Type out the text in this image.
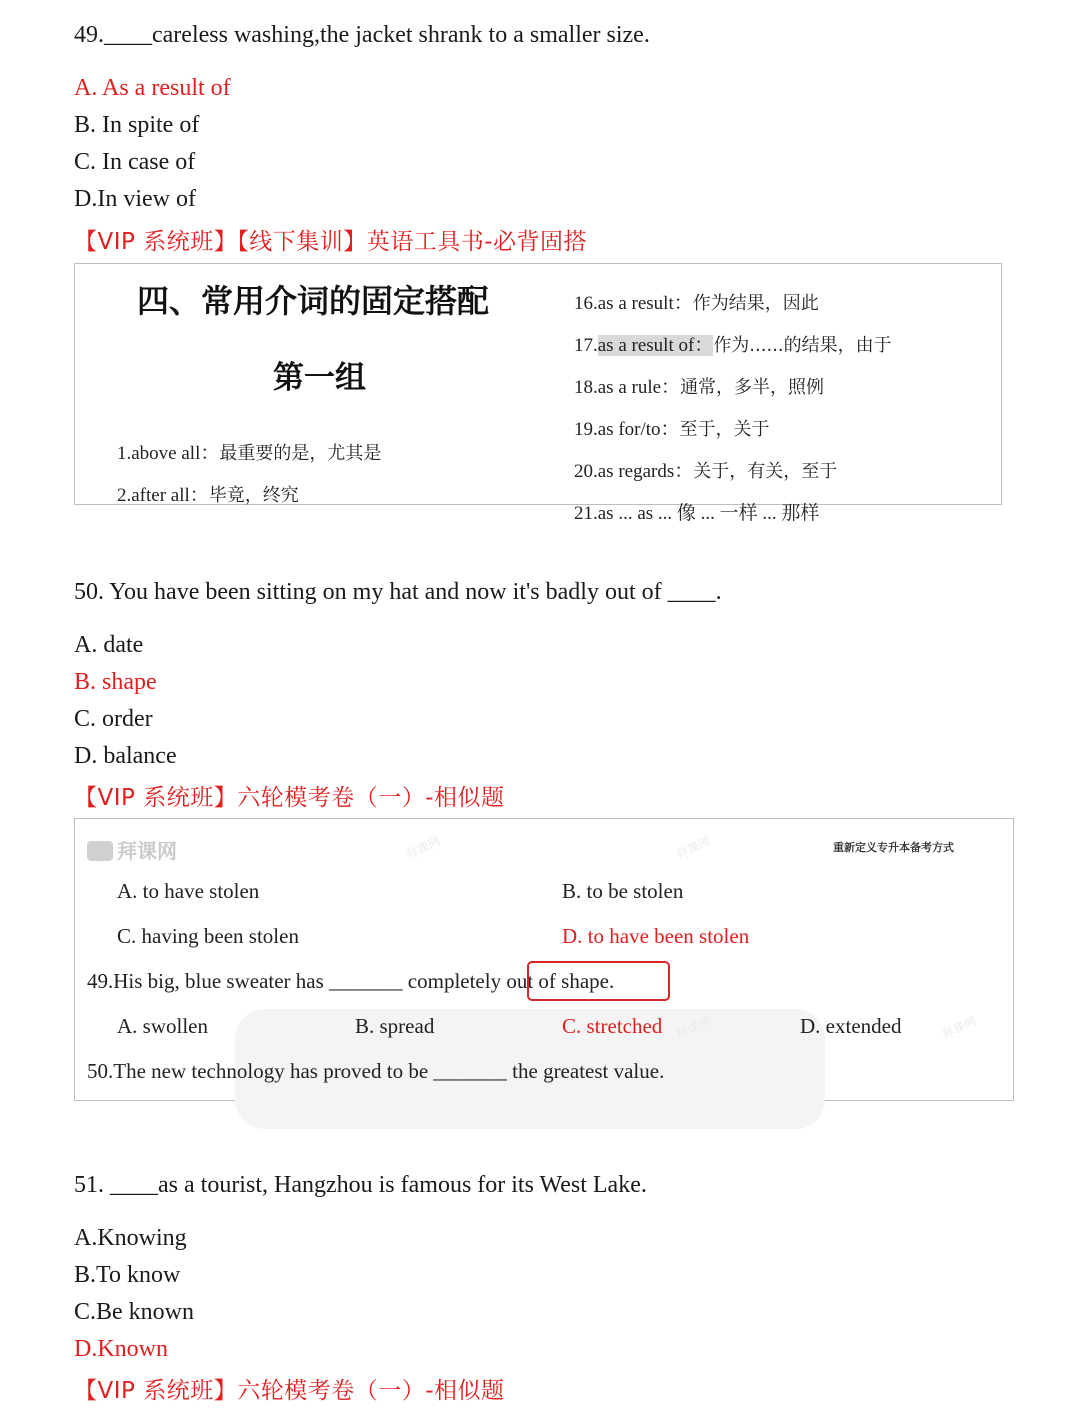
49.____careless washing,the jacket shrank to a smaller size.
A. As a result of
B. In spite of
C. In case of
D.In view of
【VIP 系统班】【线下集训】英语工具书-必背固搭
四、常用介词的固定搭配
第一组
1.above all：最重要的是，尤其是
2.after all：毕竟，终究
16.as a result：作为结果，因此
17.as a result of：作为......的结果，由于
18.as a rule：通常，多半，照例
19.as for/to：至于，关于
20.as regards：关于，有关，至于
21.as ... as ... 像 ... 一样 ... 那样
50. You have been sitting on my hat and now it's badly out of ____.
A. date
B. shape
C. order
D. balance
【VIP 系统班】六轮模考卷（一）-相似题
拜课网	拜课网
拜课网	拜课网
拜课网	重新定义专升本备考方式
A. to have stolen	B. to be stolen
C. having been stolen	D. to have been stolen
49.His big, blue sweater has _______ completely out of shape.
A. swollen	B. spread	C. stretched	D. extended
50.The new technology has proved to be _______ the greatest value.
51. ____as a tourist, Hangzhou is famous for its West Lake.
A.Knowing
B.To know
C.Be known
D.Known
【VIP 系统班】六轮模考卷（一）-相似题
